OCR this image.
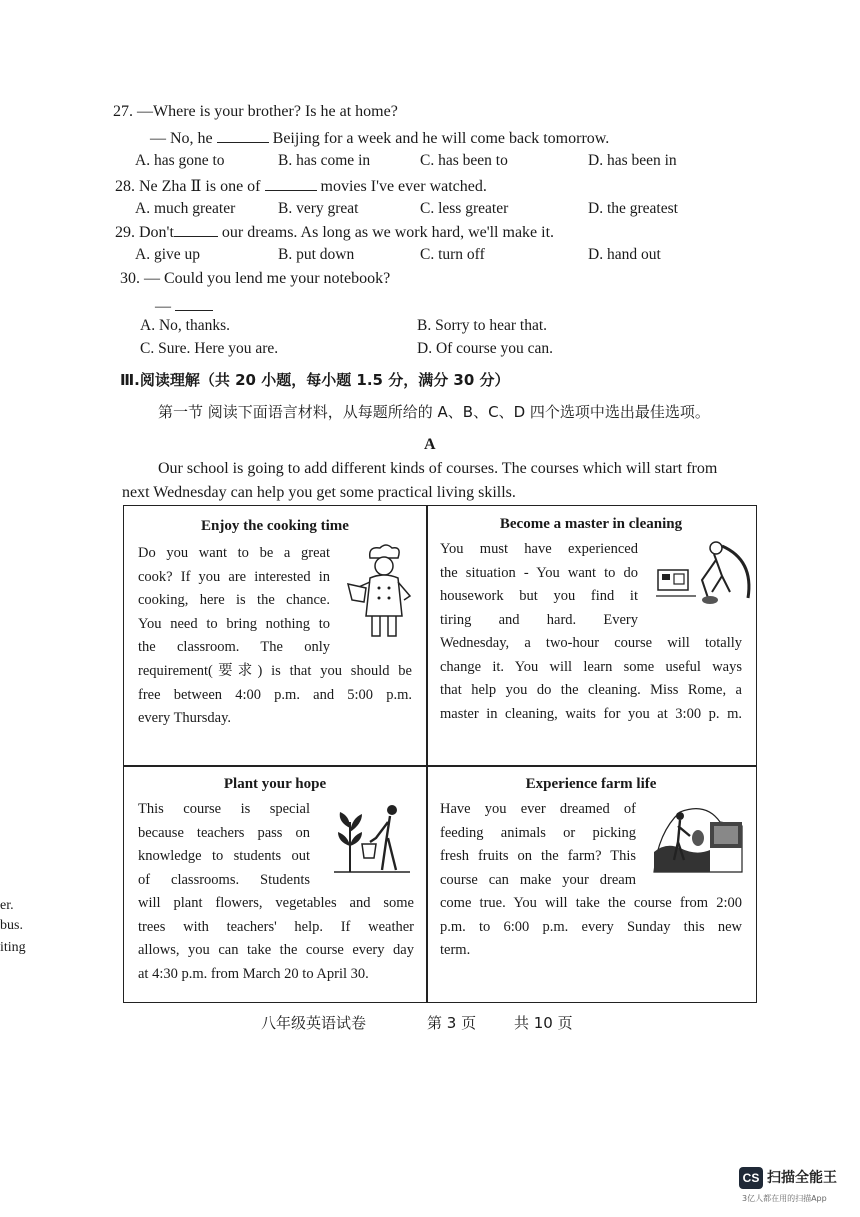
27. —Where is your brother? Is he at home?
— No, he	Beijing for a week and he will come back tomorrow.
A. has gone to	B. has come in	C. has been to	D. has been in
28. Ne Zha Ⅱ is one of	movies I've ever watched.
A. much greater	B. very great	C. less greater	D. the greatest
29. Don't	our dreams. As long as we work hard, we'll make it.
A. give up	B. put down	C. turn off	D. hand out
30. — Could you lend me your notebook?
—
A. No, thanks.	B. Sorry to hear that.
C. Sure. Here you are.	D. Of course you can.
Ⅲ.阅读理解（共 20 小题，每小题 1.5 分，满分 30 分）
第一节 阅读下面语言材料，从每题所给的 A、B、C、D 四个选项中选出最佳选项。
A
Our school is going to add different kinds of courses. The courses which will start from
next Wednesday can help you get some practical living skills.
Enjoy the cooking time
Do you want to be a great
cook? If you are interested in
cooking, here is the chance.
You need to bring nothing to
the classroom. The only
requirement(要求) is that you should be
free between 4:00 p.m. and 5:00 p.m.
every Thursday.
Become a master in cleaning
You must have experienced
the situation - You want to do
housework but you find it
tiring and hard. Every
Wednesday, a two-hour course will totally
change it. You will learn some useful ways
that help you do the cleaning. Miss Rome, a
master in cleaning, waits for you at 3:00 p. m.
Plant your hope
This course is special
because teachers pass on
knowledge to students out
of classrooms. Students
will plant flowers, vegetables and some
trees with teachers' help. If weather
allows, you can take the course every day
at 4:30 p.m. from March 20 to April 30.
Experience farm life
Have you ever dreamed of
feeding animals or picking
fresh fruits on the farm? This
course can make your dream
come true. You will take the course from 2:00
p.m. to 6:00 p.m. every Sunday this new
term.
er.
bus.
iting
八年级英语试卷	第 3 页	共 10 页
CS 扫描全能王
3亿人都在用的扫描App
